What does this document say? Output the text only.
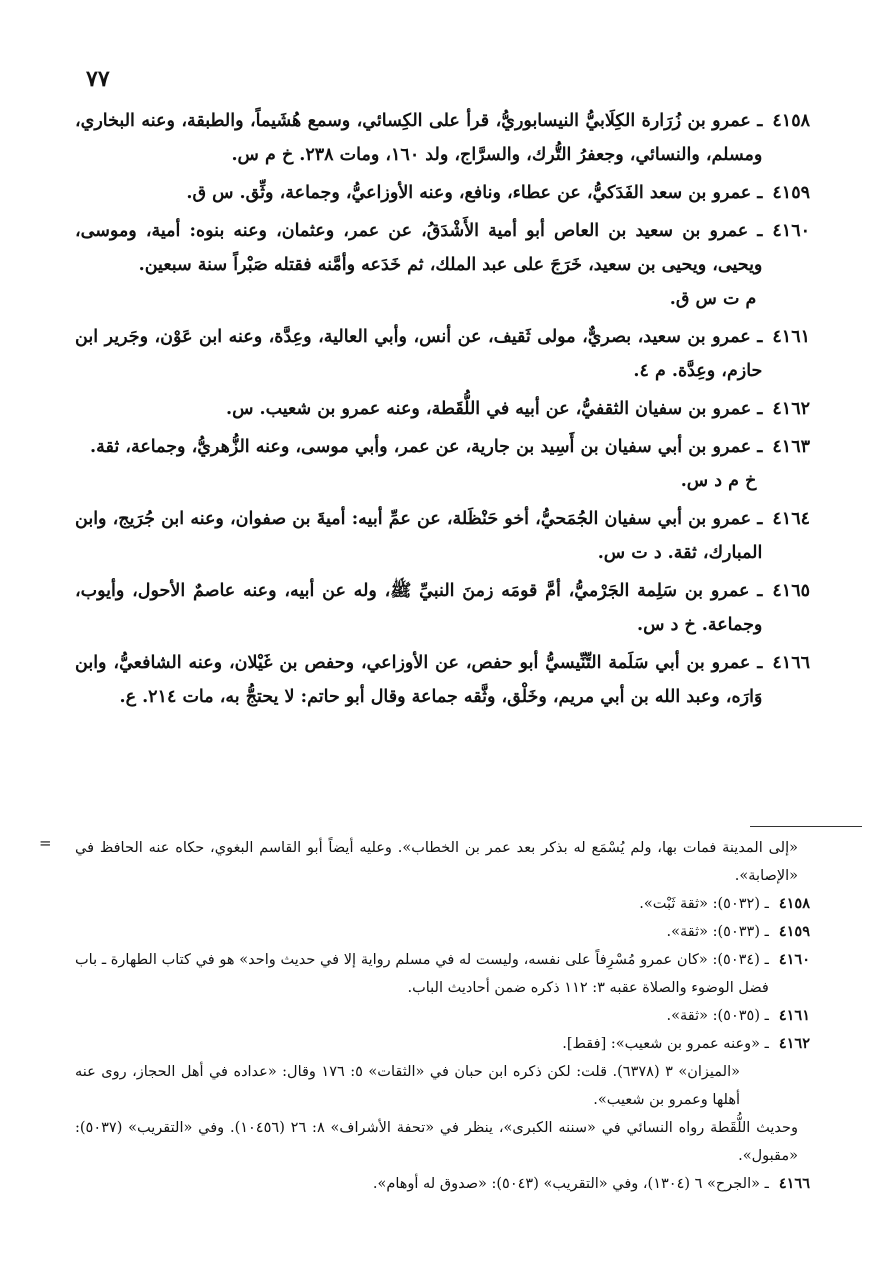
٧٧
٤١٥٨
ـ عمرو بن زُرَارة الكِلَابيُّ النيسابوريُّ، قرأ على الكِسائي، وسمع هُشَيماً، والطبقة، وعنه البخاري، ومسلم، والنسائي، وجعفرُ التُّرك، والسرَّاج، ولد ١٦٠، ومات ٢٣٨.خ م س.
٤١٥٩
ـ عمرو بن سعد الفَدَكيُّ، عن عطاء، ونافع، وعنه الأوزاعيُّ، وجماعة، وثِّق.س ق.
٤١٦٠
ـ عمرو بن سعيد بن العاص أبو أمية الأَشْدَقُ، عن عمر، وعثمان، وعنه بنوه: أمية، وموسى، ويحيى، ويحيى بن سعيد، خَرَجَ على عبد الملك، ثم خَدَعه وأمَّنه فقتله صَبْراً سنة سبعين.
م ت س ق.
٤١٦١
ـ عمرو بن سعيد، بصريٌّ، مولى ثَقيف، عن أنس، وأبي العالية، وعِدَّة، وعنه ابن عَوْن، وجَرير ابن حازم، وعِدَّة.م ٤.
٤١٦٢
ـ عمرو بن سفيان الثقفيُّ، عن أبيه في اللُّقَطة، وعنه عمرو بن شعيب.س.
٤١٦٣
ـ عمرو بن أبي سفيان بن أَسِيد بن جارية، عن عمر، وأبي موسى، وعنه الزُّهريُّ، وجماعة، ثقة.
خ م د س.
٤١٦٤
ـ عمرو بن أبي سفيان الجُمَحيُّ، أخو حَنْظَلة، عن عمِّ أبيه: أميةَ بن صفوان، وعنه ابن جُرَيج، وابن المبارك، ثقة.د ت س.
٤١٦٥
ـ عمرو بن سَلِمة الجَرْميُّ، أمَّ قومَه زمنَ النبيِّ ﷺ، وله عن أبيه، وعنه عاصمٌ الأحول، وأيوب، وجماعة.خ د س.
٤١٦٦
ـ عمرو بن أبي سَلَمة التِّنِّيسيُّ أبو حفص، عن الأوزاعي، وحفص بن غَيْلان، وعنه الشافعيُّ، وابن وَارَه، وعبد الله بن أبي مريم، وخَلْق، وثَّقه جماعة وقال أبو حاتم: لا يحتجُّ به، مات ٢١٤.ع.
= «إلى المدينة فمات بها، ولم يُسْمَع له بذكر بعد عمر بن الخطاب». وعليه أيضاً أبو القاسم البغوي، حكاه عنه الحافظ في «الإصابة».
٤١٥٨
ـ (٥٠٣٢): «ثقة ثَبْت».
٤١٥٩
ـ (٥٠٣٣): «ثقة».
٤١٦٠
ـ (٥٠٣٤): «كان عمرو مُسْرِفاً على نفسه، وليست له في مسلم رواية إلا في حديث واحد» هو في كتاب الطهارة ـ باب فضل الوضوء والصلاة عقبه ٣: ١١٢ ذكره ضمن أحاديث الباب.
٤١٦١
ـ (٥٠٣٥): «ثقة».
٤١٦٢
ـ «وعنه عمرو بن شعيب»: [فقط].
«الميزان» ٣ (٦٣٧٨). قلت: لكن ذكره ابن حبان في «الثقات» ٥: ١٧٦ وقال: «عداده في أهل الحجاز، روى عنه أهلها وعمرو بن شعيب».
وحديث اللُّقَطة رواه النسائي في «سننه الكبرى»، ينظر في «تحفة الأشراف» ٨: ٢٦ (١٠٤٥٦). وفي «التقريب» (٥٠٣٧): «مقبول».
٤١٦٦
ـ «الجرح» ٦ (١٣٠٤)، وفي «التقريب» (٥٠٤٣): «صدوق له أوهام».
